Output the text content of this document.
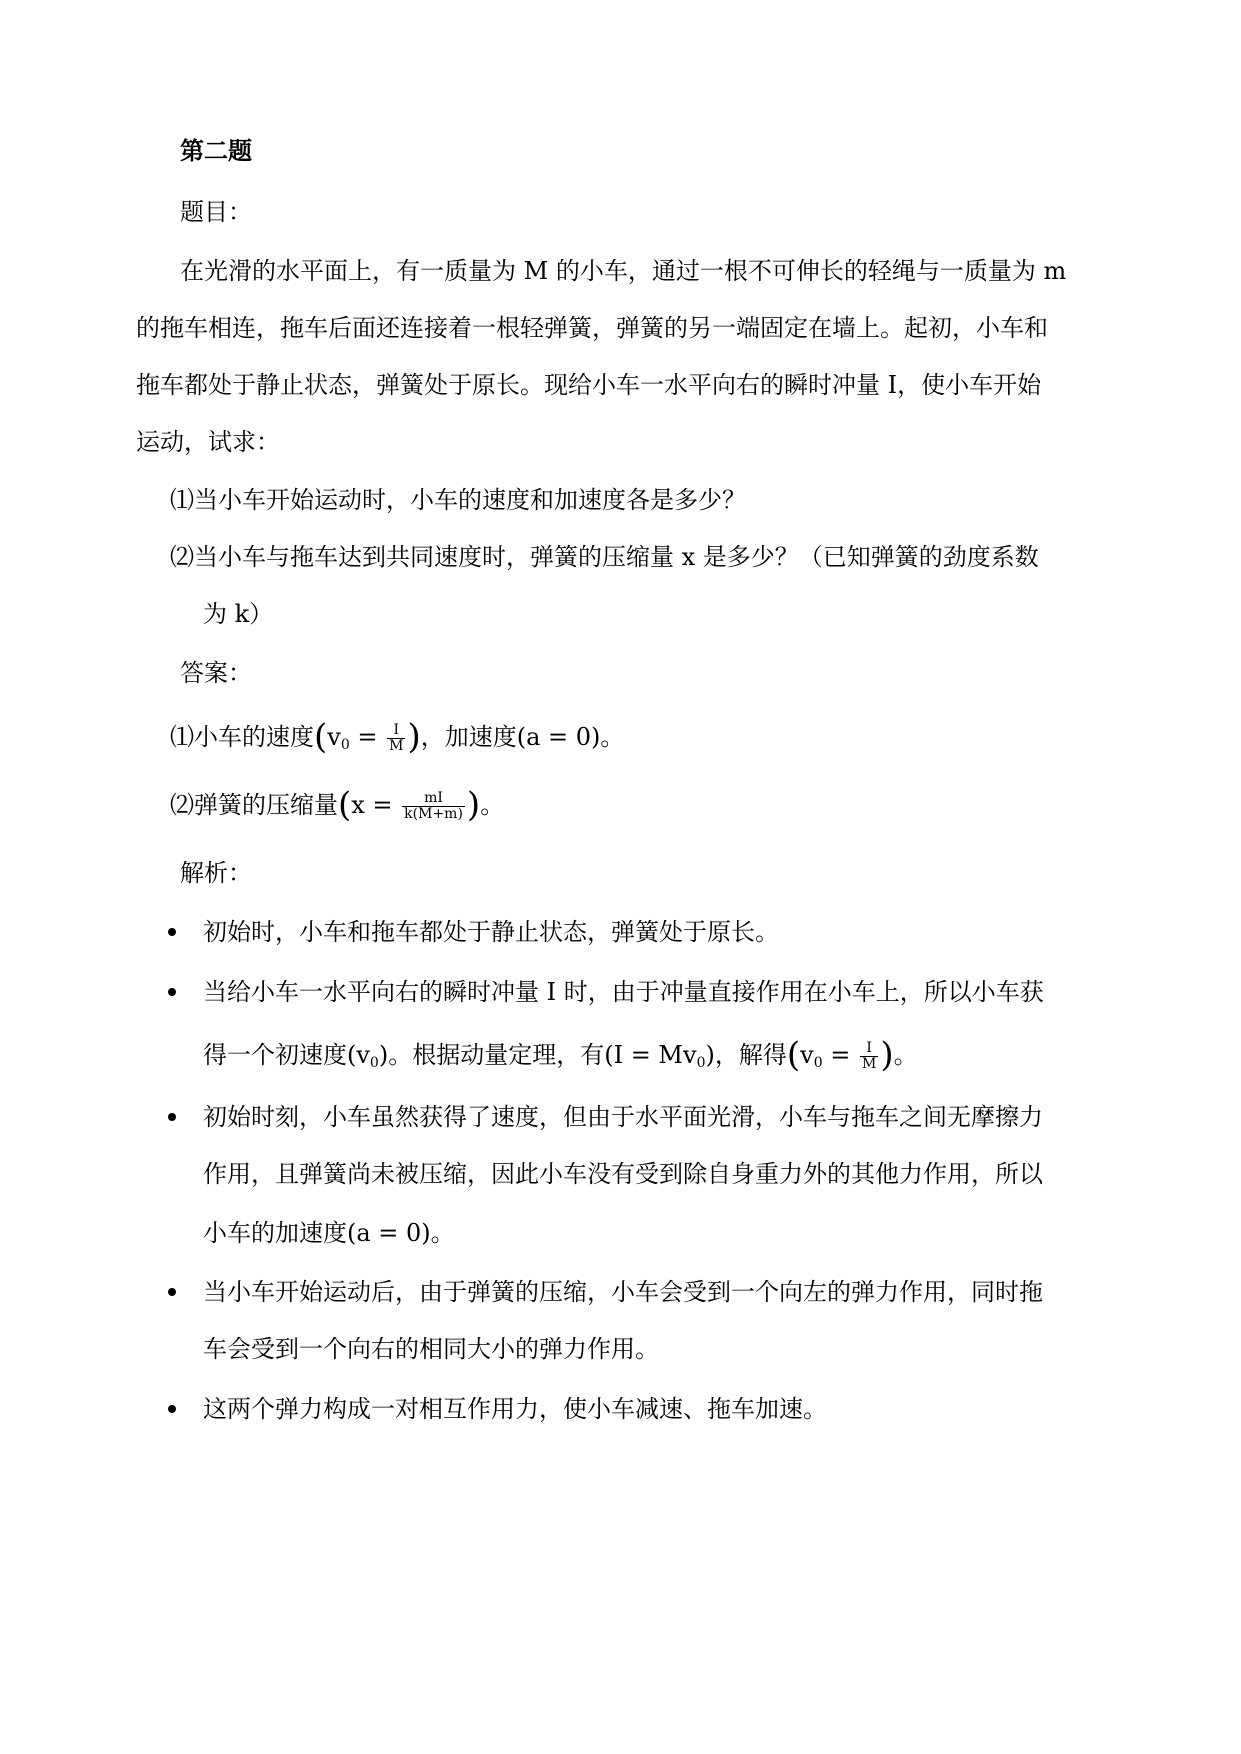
第二题
题目：
在光滑的水平面上，有一质量为 M 的小车，通过一根不可伸长的轻绳与一质量为 m
的拖车相连，拖车后面还连接着一根轻弹簧，弹簧的另一端固定在墙上。起初，小车和
拖车都处于静止状态，弹簧处于原长。现给小车一水平向右的瞬时冲量 I，使小车开始
运动，试求：
⑴当小车开始运动时，小车的速度和加速度各是多少？
⑵当小车与拖车达到共同速度时，弹簧的压缩量 x 是多少？（已知弹簧的劲度系数
为 k）
答案：
⑴小车的速度($v_0 = \frac{I}{M}$ )，加速度(a = 0)。
⑵弹簧的压缩量($x = \frac{mI}{k(M+m)}$ )。
解析：
初始时，小车和拖车都处于静止状态，弹簧处于原长。
当给小车一水平向右的瞬时冲量 I 时，由于冲量直接作用在小车上，所以小车获
得一个初速度$(v_0)$。根据动量定理，有$(I = Mv_0)$，解得($v_0 = \frac{I}{M}$ )。
初始时刻，小车虽然获得了速度，但由于水平面光滑，小车与拖车之间无摩擦力
作用，且弹簧尚未被压缩，因此小车没有受到除自身重力外的其他力作用，所以
小车的加速度(a = 0)。
当小车开始运动后，由于弹簧的压缩，小车会受到一个向左的弹力作用，同时拖
车会受到一个向右的相同大小的弹力作用。
这两个弹力构成一对相互作用力，使小车减速、拖车加速。
